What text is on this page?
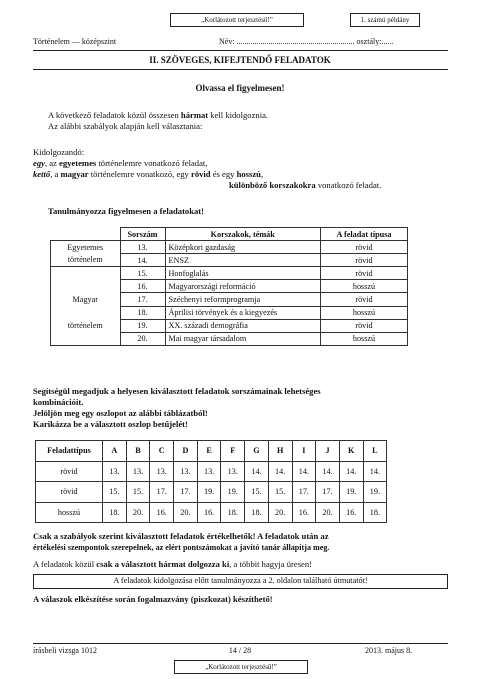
„Korlátozott terjesztésű!”	1. számú példány
Történelem — középszint	Név: ........................................................... osztály:......
II. SZÖVEGES, KIFEJTENDŐ FELADATOK
Olvassa el figyelmesen!
A következő feladatok közül összesen hármat kell kidolgoznia.
Az alábbi szabályok alapján kell választania:
Kidolgozandó:
egy, az egyetemes történelemre vonatkozó feladat,
kettő, a magyar történelemre vonatkozó, egy rövid és egy hosszú,
különböző korszakokra vonatkozó feladat.
Tanulmányozza figyelmesen a feladatokat!
	Sorszám	Korszakok, témák	A feladat típusa
Egyetemes	13.	Középkori gazdaság	rövid
történelem	14.	ENSZ	rövid
	15.	Honfoglalás	rövid
	16.	Magyarországi reformáció	hosszú
Magyar	17.	Széchenyi reformprogramja	rövid
	18.	Áprilisi törvények és a kiegyezés	hosszú
történelem	19.	XX. századi demográfia	rövid
	20.	Mai magyar társadalom	hosszú
Segítségül megadjuk a helyesen kiválasztott feladatok sorszámainak lehetséges
kombinációit.
Jelöljön meg egy oszlopot az alábbi táblázatból!
Karikázza be a választott oszlop betűjelét!
Feladattípus	A	B	C	D	E	F	G	H	I	J	K	L
rövid	13.	13.	13.	13.	13.	13.	14.	14.	14.	14.	14.	14.
rövid	15.	15.	17.	17.	19.	19.	15.	15.	17.	17.	19.	19.
hosszú	18.	20.	16.	20.	16.	18.	18.	20.	16.	20.	16.	18.
Csak a szabályok szerint kiválasztott feladatok értékelhetők! A feladatok után az
értékelési szempontok szerepelnek, az elért pontszámokat a javító tanár állapítja meg.
A feladatok közül csak a választott hármat dolgozza ki, a többit hagyja üresen!
A feladatok kidolgozása előtt tanulmányozza a 2. oldalon található útmutatót!
A válaszok elkészítése során fogalmazvány (piszkozat) készíthető!
írásbeli vizsga 1012	14 / 28	2013. május 8.
„Korlátozott terjesztésű!”
